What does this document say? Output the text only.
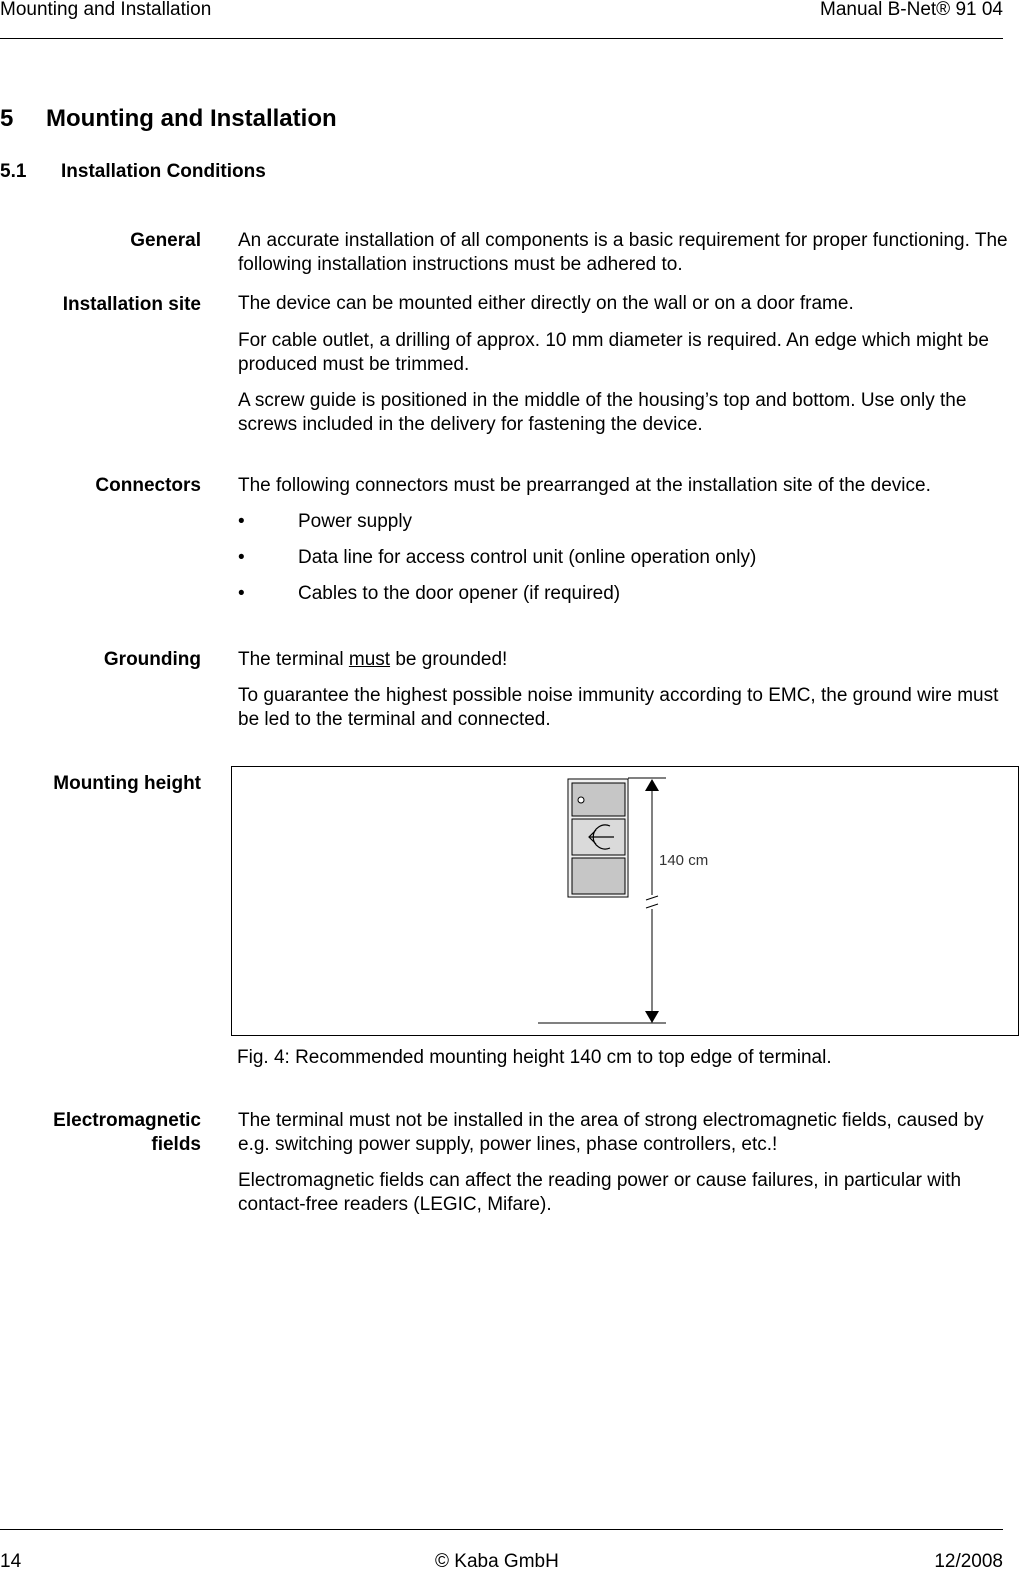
Mounting and Installation	Manual B-Net® 91 04
5 Mounting and Installation
5.1 Installation Conditions
General An accurate installation of all components is a basic requirement for proper functioning. The following installation instructions must be adhered to.
Installation site The device can be mounted either directly on the wall or on a door frame.
For cable outlet, a drilling of approx. 10 mm diameter is required. An edge which might be produced must be trimmed.
A screw guide is positioned in the middle of the housing’s top and bottom. Use only the screws included in the delivery for fastening the device.
Connectors The following connectors must be prearranged at the installation site of the device.
•	Power supply
•	Data line for access control unit (online operation only)
•	Cables to the door opener (if required)
Grounding The terminal must be grounded!
To guarantee the highest possible noise immunity according to EMC, the ground wire must be led to the terminal and connected.
Mounting height
140 cm
Fig. 4: Recommended mounting height 140 cm to top edge of terminal.
Electromagnetic
fields
The terminal must not be installed in the area of strong electromagnetic fields, caused by e.g. switching power supply, power lines, phase controllers, etc.!
Electromagnetic fields can affect the reading power or cause failures, in particular with contact-free readers (LEGIC, Mifare).
14	© Kaba GmbH	12/2008
